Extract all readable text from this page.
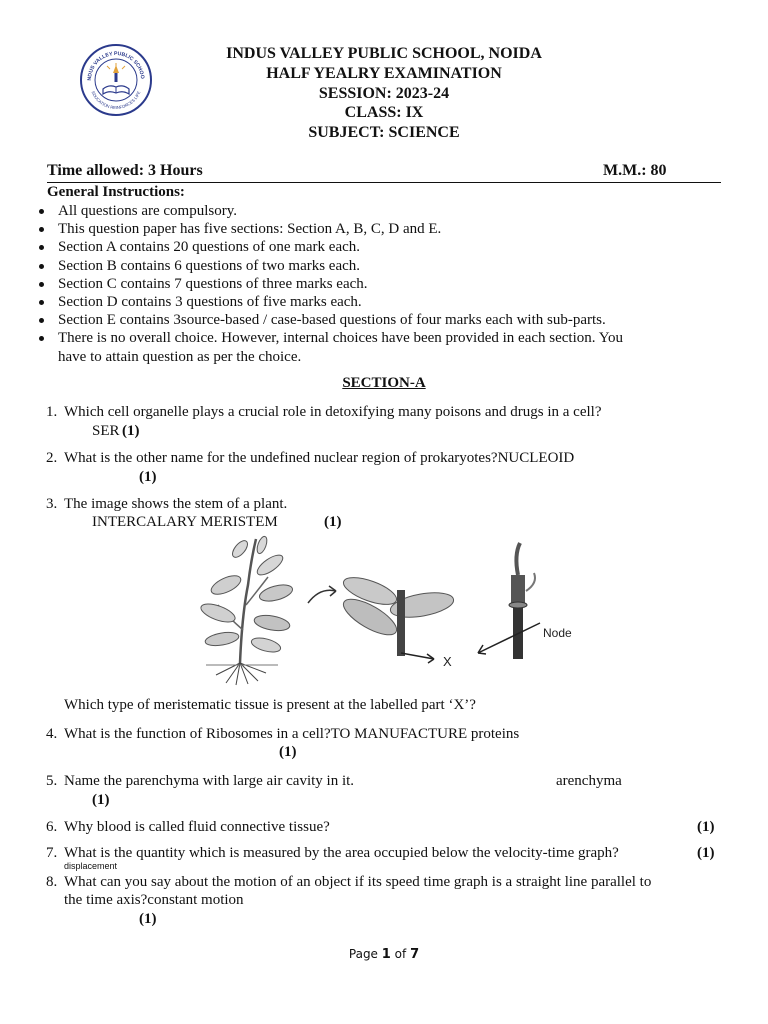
INDUS VALLEY PUBLIC SCHOOL, NOIDA
HALF YEALRY EXAMINATION
SESSION: 2023-24
CLASS: IX
SUBJECT: SCIENCE
NDUS VALLEY PUBLIC SCHOO
EDUCATION REINFORCES LIFE
Time allowed: 3 Hours	M.M.: 80
General Instructions:
All questions are compulsory.
This question paper has five sections: Section A, B, C, D and E.
Section A contains 20 questions of one mark each.
Section B contains 6 questions of two marks each.
Section C contains 7 questions of three marks each.
Section D contains 3 questions of five marks each.
Section E contains 3source-based / case-based questions of four marks each with sub-parts.
There is no overall choice. However, internal choices have been provided in each section. You
have to attain question as per the choice.
SECTION-A
1. Which cell organelle plays a crucial role in detoxifying many poisons and drugs in a cell?
SER (1)
2. What is the other name for the undefined nuclear region of prokaryotes?NUCLEOID
(1)
3. The image shows the stem of a plant.
INTERCALARY MERISTEM	(1)
X
Node
Which type of meristematic tissue is present at the labelled part ‘X’?
4. What is the function of Ribosomes in a cell?TO MANUFACTURE proteins
(1)
5. Name the parenchyma with large air cavity in it.	arenchyma
(1)
6. Why blood is called fluid connective tissue?	(1)
7. What is the quantity which is measured by the area occupied below the velocity-time graph?	(1)
displacement
8. What can you say about the motion of an object if its speed time graph is a straight line parallel to
the time axis?constant motion
(1)
Page 1 of 7
